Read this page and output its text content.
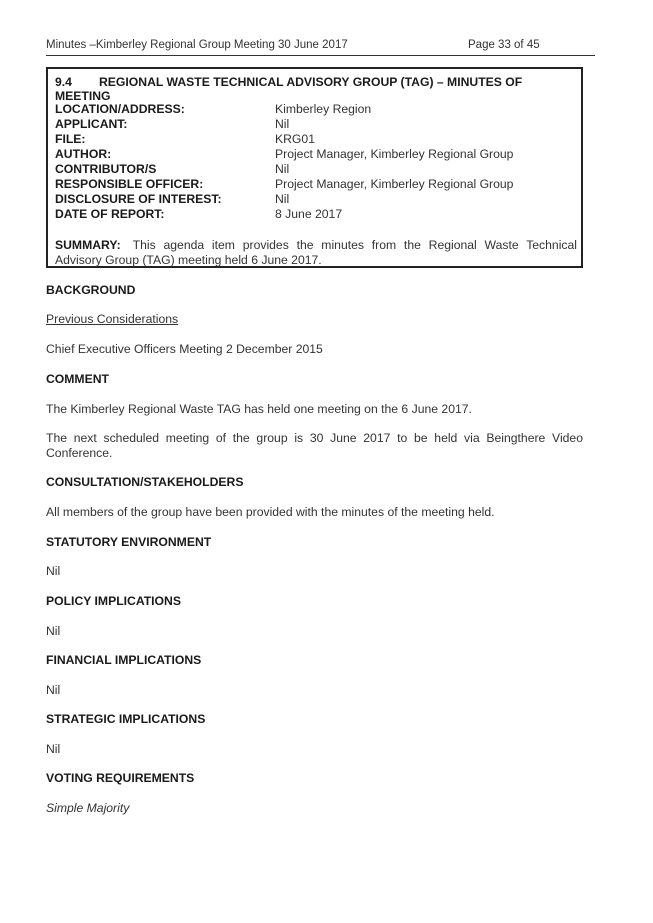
Minutes –Kimberley Regional Group Meeting 30 June 2017	Page 33 of 45
9.4 REGIONAL WASTE TECHNICAL ADVISORY GROUP (TAG) – MINUTES OF MEETING
LOCATION/ADDRESS:	Kimberley Region
APPLICANT:	Nil
FILE:	KRG01
AUTHOR:	Project Manager, Kimberley Regional Group
CONTRIBUTOR/S	Nil
RESPONSIBLE OFFICER:	Project Manager, Kimberley Regional Group
DISCLOSURE OF INTEREST:	Nil
DATE OF REPORT:	8 June 2017
SUMMARY: This agenda item provides the minutes from the Regional Waste Technical Advisory Group (TAG) meeting held 6 June 2017.
BACKGROUND
Previous Considerations
Chief Executive Officers Meeting 2 December 2015
COMMENT
The Kimberley Regional Waste TAG has held one meeting on the 6 June 2017.
The next scheduled meeting of the group is 30 June 2017 to be held via Beingthere Video Conference.
CONSULTATION/STAKEHOLDERS
All members of the group have been provided with the minutes of the meeting held.
STATUTORY ENVIRONMENT
Nil
POLICY IMPLICATIONS
Nil
FINANCIAL IMPLICATIONS
Nil
STRATEGIC IMPLICATIONS
Nil
VOTING REQUIREMENTS
Simple Majority
